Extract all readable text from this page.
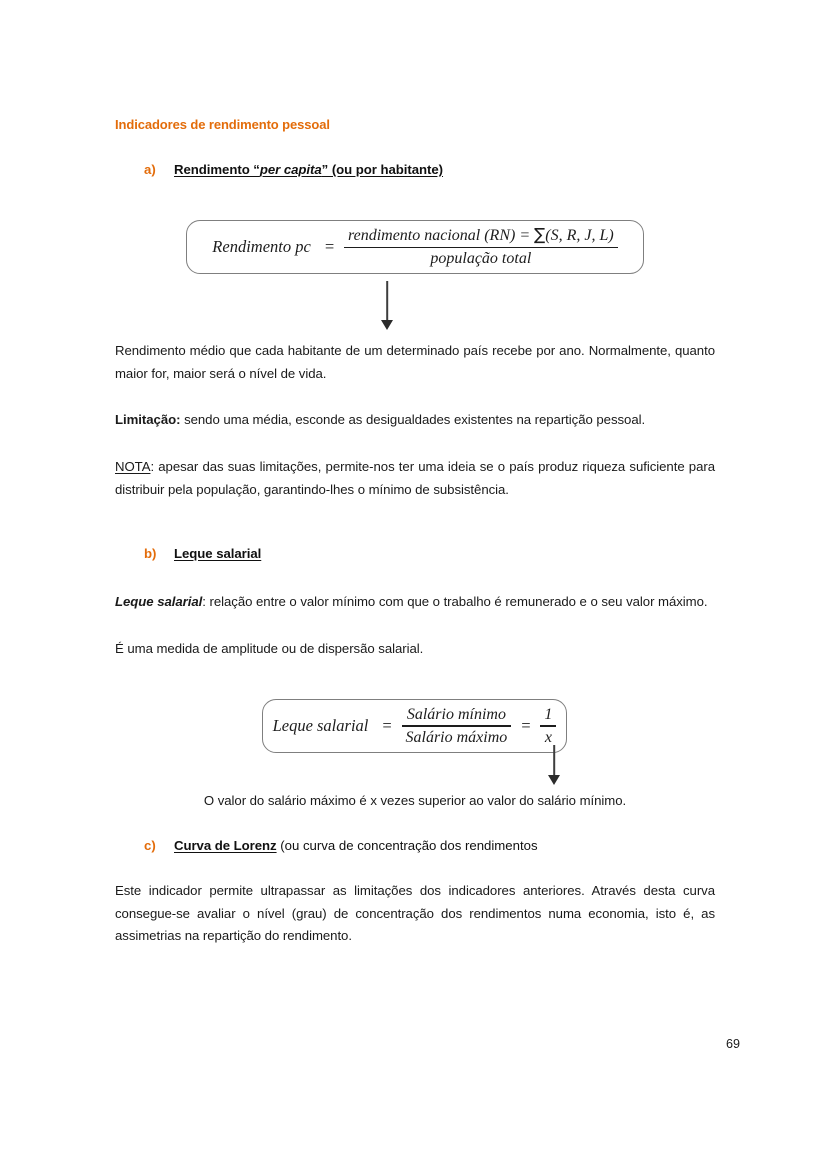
Indicadores de rendimento pessoal
a)	Rendimento “per capita” (ou por habitante)
Rendimento pc = $\frac{\text{rendimento nacional (RN) = ∑(S, R, J, L)}}{\text{população total}}$

Rendimento médio que cada habitante de um determinado país recebe por ano. Normalmente, quanto maior for, maior será o nível de vida.

Limitação: sendo uma média, esconde as desigualdades existentes na repartição pessoal.

NOTA: apesar das suas limitações, permite-nos ter uma ideia se o país produz riqueza suficiente para distribuir pela população, garantindo-lhes o mínimo de subsistência.

b)	Leque salarial

Leque salarial: relação entre o valor mínimo com que o trabalho é remunerado e o seu valor máximo.

É uma medida de amplitude ou de dispersão salarial.

Leque salarial = $\frac{\text{Salário mínimo}}{\text{Salário máximo}} = \frac{1}{x}$

O valor do salário máximo é x vezes superior ao valor do salário mínimo.

c)	Curva de Lorenz (ou curva de concentração dos rendimentos

Este indicador permite ultrapassar as limitações dos indicadores anteriores. Através desta curva consegue-se avaliar o nível (grau) de concentração dos rendimentos numa economia, isto é, as assimetrias na repartição do rendimento.

69
